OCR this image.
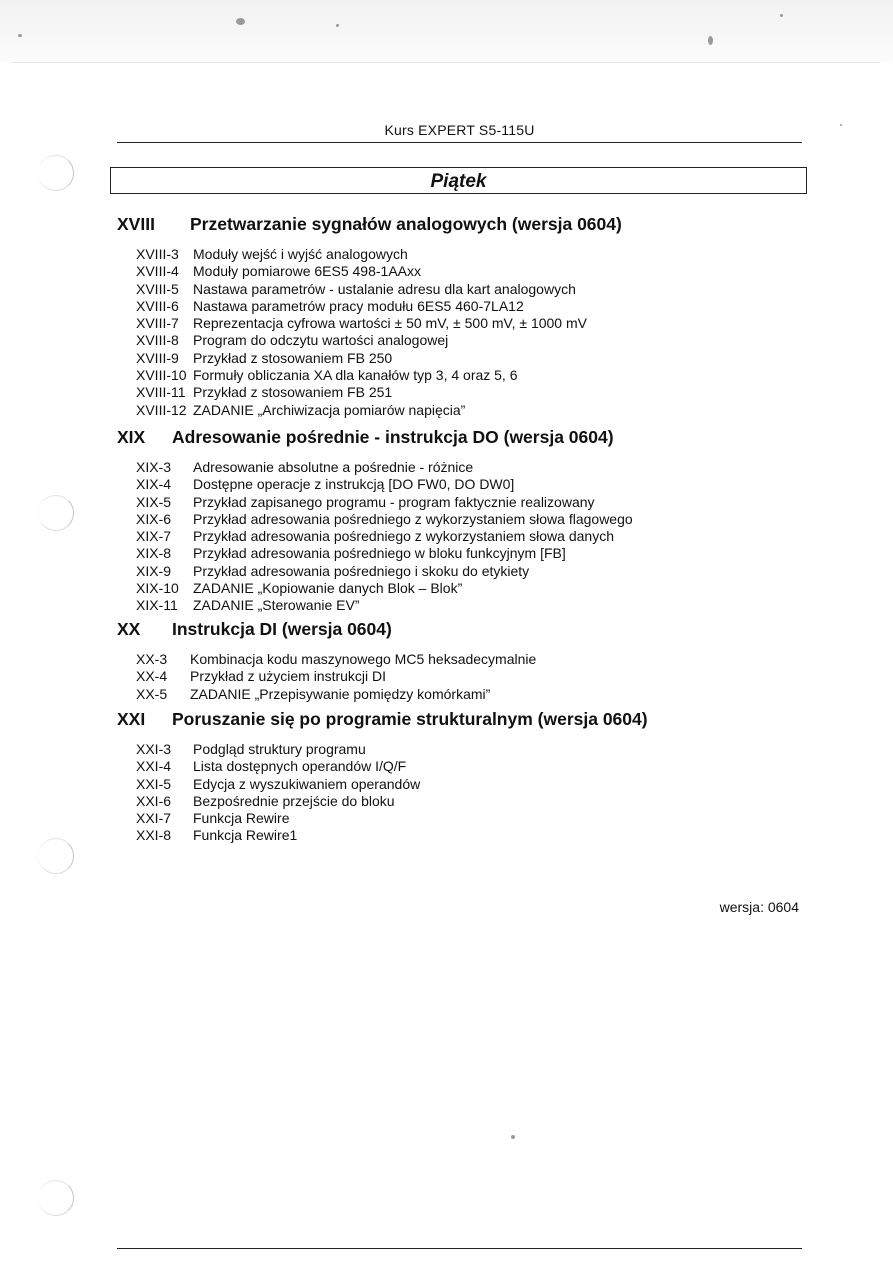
Kurs EXPERT S5-115U
Piątek
XVIII Przetwarzanie sygnałów analogowych (wersja 0604)
XVIII-3 Moduły wejść i wyjść analogowych
XVIII-4 Moduły pomiarowe 6ES5 498-1AAxx
XVIII-5 Nastawa parametrów - ustalanie adresu dla kart analogowych
XVIII-6 Nastawa parametrów pracy modułu 6ES5 460-7LA12
XVIII-7 Reprezentacja cyfrowa wartości ± 50 mV, ± 500 mV, ± 1000 mV
XVIII-8 Program do odczytu wartości analogowej
XVIII-9 Przykład z stosowaniem FB 250
XVIII-10 Formuły obliczania XA dla kanałów typ 3, 4 oraz 5, 6
XVIII-11 Przykład z stosowaniem FB 251
XVIII-12 ZADANIE „Archiwizacja pomiarów napięcia”
XIX Adresowanie pośrednie - instrukcja DO (wersja 0604)
XIX-3 Adresowanie absolutne a pośrednie - różnice
XIX-4 Dostępne operacje z instrukcją [DO FW0, DO DW0]
XIX-5 Przykład zapisanego programu - program faktycznie realizowany
XIX-6 Przykład adresowania pośredniego z wykorzystaniem słowa flagowego
XIX-7 Przykład adresowania pośredniego z wykorzystaniem słowa danych
XIX-8 Przykład adresowania pośredniego w bloku funkcyjnym [FB]
XIX-9 Przykład adresowania pośredniego i skoku do etykiety
XIX-10 ZADANIE „Kopiowanie danych Blok – Blok”
XIX-11 ZADANIE „Sterowanie EV”
XX Instrukcja DI (wersja 0604)
XX-3 Kombinacja kodu maszynowego MC5 heksadecymalnie
XX-4 Przykład z użyciem instrukcji DI
XX-5 ZADANIE „Przepisywanie pomiędzy komórkami”
XXI Poruszanie się po programie strukturalnym (wersja 0604)
XXI-3 Podgląd struktury programu
XXI-4 Lista dostępnych operandów I/Q/F
XXI-5 Edycja z wyszukiwaniem operandów
XXI-6 Bezpośrednie przejście do bloku
XXI-7 Funkcja Rewire
XXI-8 Funkcja Rewire1
wersja: 0604
